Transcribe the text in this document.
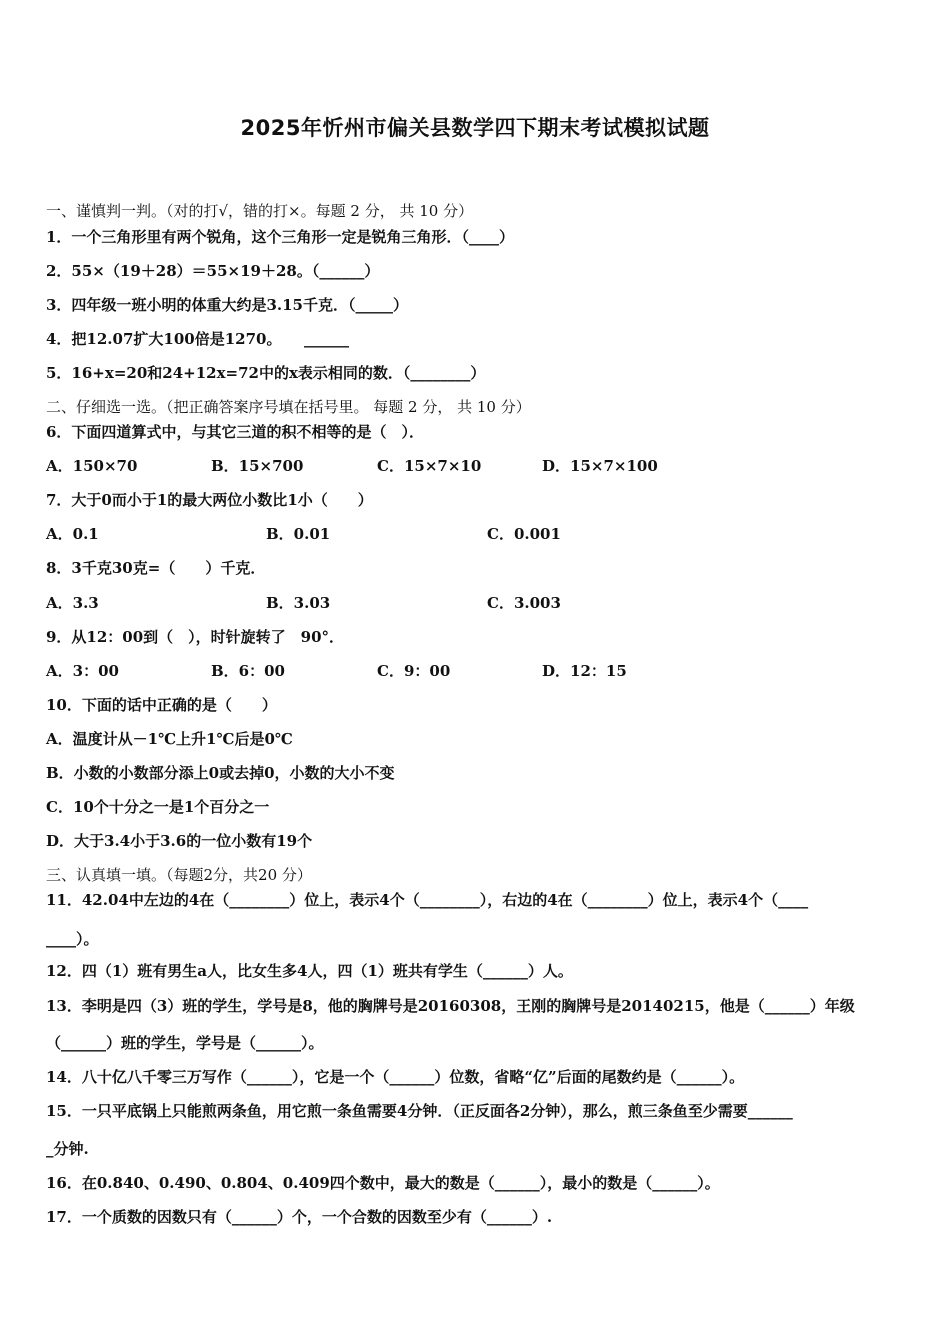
2025年忻州市偏关县数学四下期末考试模拟试题
一、谨慎判一判。（对的打√，错的打×。每题 2 分， 共 10 分）
1．一个三角形里有两个锐角，这个三角形一定是锐角三角形．（____）
2．55×（19＋28）＝55×19＋28。（______）
3．四年级一班小明的体重大约是3.15千克．（_____）
4．把12.07扩大100倍是1270。　　______
5．16+x=20和24+12x=72中的x表示相同的数．（________）
二、仔细选一选。（把正确答案序号填在括号里。 每题 2 分， 共 10 分）
6．下面四道算式中，与其它三道的积不相等的是（　）．
A．150×70	B．15×700	C．15×7×10	D．15×7×100
7．大于0而小于1的最大两位小数比1小（　　）
A．0.1	B．0.01	C．0.001
8．3千克30克=（　　）千克．
A．3.3	B．3.03	C．3.003
9．从12：00到（　），时针旋转了　90°．
A．3：00	B．6：00	C．9：00	D．12：15
10．下面的话中正确的是（　　）
A．温度计从－1℃上升1℃后是0℃
B．小数的小数部分添上0或去掉0，小数的大小不变
C．10个十分之一是1个百分之一
D．大于3.4小于3.6的一位小数有19个
三、认真填一填。（每题2分，共20 分）
11．42.04中左边的4在（________）位上，表示4个（________），右边的4在（________）位上，表示4个（____
____）。
12．四（1）班有男生a人，比女生多4人，四（1）班共有学生（______）人。
13．李明是四（3）班的学生，学号是8，他的胸牌号是20160308，王刚的胸牌号是20140215，他是（______）年级
（______）班的学生，学号是（______）。
14．八十亿八千零三万写作（______），它是一个（______）位数，省略“亿”后面的尾数约是（______）。
15．一只平底锅上只能煎两条鱼，用它煎一条鱼需要4分钟．（正反面各2分钟），那么，煎三条鱼至少需要______
_分钟.
16．在0.840、0.490、0.804、0.409四个数中，最大的数是（______），最小的数是（______）。
17．一个质数的因数只有（______）个，一个合数的因数至少有（______）.
